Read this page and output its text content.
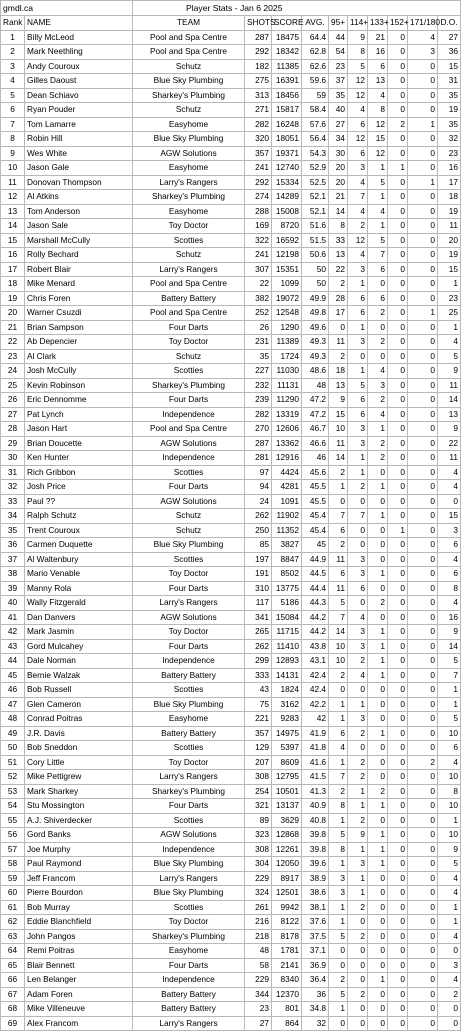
gmdl.ca		Player Stats - Jan 6 2025									
Rank	NAME	TEAM	SHOTS	SCORE	AVG.	95+	114+	133+	152+	171/180	D.O.
1	Billy McLeod	Pool and Spa Centre	287	18475	64.4	44	9	21	0	4	27
2	Mark Neethling	Pool and Spa Centre	292	18342	62.8	54	8	16	0	3	36
3	Andy Couroux	Schutz	182	11385	62.6	23	5	6	0	0	15
4	Gilles Daoust	Blue Sky Plumbing	275	16391	59.6	37	12	13	0	0	31
5	Dean Schiavo	Sharkey's Plumbing	313	18456	59	35	12	4	0	0	35
6	Ryan Pouder	Schutz	271	15817	58.4	40	4	8	0	0	19
7	Tom Lamarre	Easyhome	282	16248	57.6	27	6	12	2	1	35
8	Robin Hill	Blue Sky Plumbing	320	18051	56.4	34	12	15	0	0	32
9	Wes White	AGW Solutions	357	19371	54.3	30	6	12	0	0	23
10	Jason Gale	Easyhome	241	12740	52.9	20	3	1	1	0	16
11	Donovan Thompson	Larry's Rangers	292	15334	52.5	20	4	5	0	1	17
12	Al Atkins	Sharkey's Plumbing	274	14289	52.1	21	7	1	0	0	18
13	Tom Anderson	Easyhome	288	15008	52.1	14	4	4	0	0	19
14	Jason Sale	Toy Doctor	169	8720	51.6	8	2	1	0	0	11
15	Marshall McCully	Scotties	322	16592	51.5	33	12	5	0	0	20
16	Rolly Bechard	Schutz	241	12198	50.6	13	4	7	0	0	19
17	Robert Blair	Larry's Rangers	307	15351	50	22	3	6	0	0	15
18	Mike Menard	Pool and Spa Centre	22	1099	50	2	1	0	0	0	1
19	Chris Foren	Battery Battery	382	19072	49.9	28	6	6	0	0	23
20	Warner Csuzdi	Pool and Spa Centre	252	12548	49.8	17	6	2	0	1	25
21	Brian Sampson	Four Darts	26	1290	49.6	0	1	0	0	0	1
22	Ab Depencier	Toy Doctor	231	11389	49.3	11	3	2	0	0	4
23	Al Clark	Schutz	35	1724	49.3	2	0	0	0	0	5
24	Josh McCully	Scotties	227	11030	48.6	18	1	4	0	0	9
25	Kevin Robinson	Sharkey's Plumbing	232	11131	48	13	5	3	0	0	11
26	Eric Dennomme	Four Darts	239	11290	47.2	9	6	2	0	0	14
27	Pat Lynch	Independence	282	13319	47.2	15	6	4	0	0	13
28	Jason Hart	Pool and Spa Centre	270	12606	46.7	10	3	1	0	0	9
29	Brian Doucette	AGW Solutions	287	13362	46.6	11	3	2	0	0	22
30	Ken Hunter	Independence	281	12916	46	14	1	2	0	0	11
31	Rich Gribbon	Scotties	97	4424	45.6	2	1	0	0	0	4
32	Josh Price	Four Darts	94	4281	45.5	1	2	1	0	0	4
33	Paul ??	AGW Solutions	24	1091	45.5	0	0	0	0	0	0
34	Ralph Schutz	Schutz	262	11902	45.4	7	7	1	0	0	15
35	Trent Couroux	Schutz	250	11352	45.4	6	0	0	1	0	3
36	Carmen Duquette	Blue Sky Plumbing	85	3827	45	2	0	0	0	0	6
37	Al Waltenbury	Scotties	197	8847	44.9	11	3	0	0	0	4
38	Mario Venable	Toy Doctor	191	8502	44.5	6	3	1	0	0	6
39	Manny Rola	Four Darts	310	13775	44.4	11	6	0	0	0	8
40	Wally Fitzgerald	Larry's Rangers	117	5186	44.3	5	0	2	0	0	4
41	Dan Danvers	AGW Solutions	341	15084	44.2	7	4	0	0	0	16
42	Mark Jasmin	Toy Doctor	265	11715	44.2	14	3	1	0	0	9
43	Gord Mulcahey	Four Darts	262	11410	43.8	10	3	1	0	0	14
44	Dale Norman	Independence	299	12893	43.1	10	2	1	0	0	5
45	Bernie Walzak	Battery Battery	333	14131	42.4	2	4	1	0	0	7
46	Bob Russell	Scotties	43	1824	42.4	0	0	0	0	0	1
47	Glen Cameron	Blue Sky Plumbing	75	3162	42.2	1	1	0	0	0	1
48	Conrad Poitras	Easyhome	221	9283	42	1	3	0	0	0	5
49	J.R. Davis	Battery Battery	357	14975	41.9	6	2	1	0	0	10
50	Bob Sneddon	Scotties	129	5397	41.8	4	0	0	0	0	6
51	Cory Little	Toy Doctor	207	8609	41.6	1	2	0	0	2	4
52	Mike Pettigrew	Larry's Rangers	308	12795	41.5	7	2	0	0	0	10
53	Mark Sharkey	Sharkey's Plumbing	254	10501	41.3	2	1	2	0	0	8
54	Stu Mossington	Four Darts	321	13137	40.9	8	1	1	0	0	10
55	A.J. Shiverdecker	Scotties	89	3629	40.8	1	2	0	0	0	1
56	Gord Banks	AGW Solutions	323	12868	39.8	5	9	1	0	0	10
57	Joe Murphy	Independence	308	12261	39.8	8	1	1	0	0	9
58	Paul Raymond	Blue Sky Plumbing	304	12050	39.6	1	3	1	0	0	5
59	Jeff Francom	Larry's Rangers	229	8917	38.9	3	1	0	0	0	4
60	Pierre Bourdon	Blue Sky Plumbing	324	12501	38.6	3	1	0	0	0	4
61	Bob Murray	Scotties	261	9942	38.1	1	2	0	0	0	1
62	Eddie Blanchfield	Toy Doctor	216	8122	37.6	1	0	0	0	0	1
63	John Pangos	Sharkey's Plumbing	218	8178	37.5	5	2	0	0	0	4
64	Remi Poitras	Easyhome	48	1781	37.1	0	0	0	0	0	0
65	Blair Bennett	Four Darts	58	2141	36.9	0	0	0	0	0	3
66	Len Belanger	Independence	229	8340	36.4	2	0	1	0	0	4
67	Adam Foren	Battery Battery	344	12370	36	5	2	0	0	0	2
68	Mike Villeneuve	Battery Battery	23	801	34.8	1	0	0	0	0	0
69	Alex Francom	Larry's Rangers	27	864	32	0	0	0	0	0	0
